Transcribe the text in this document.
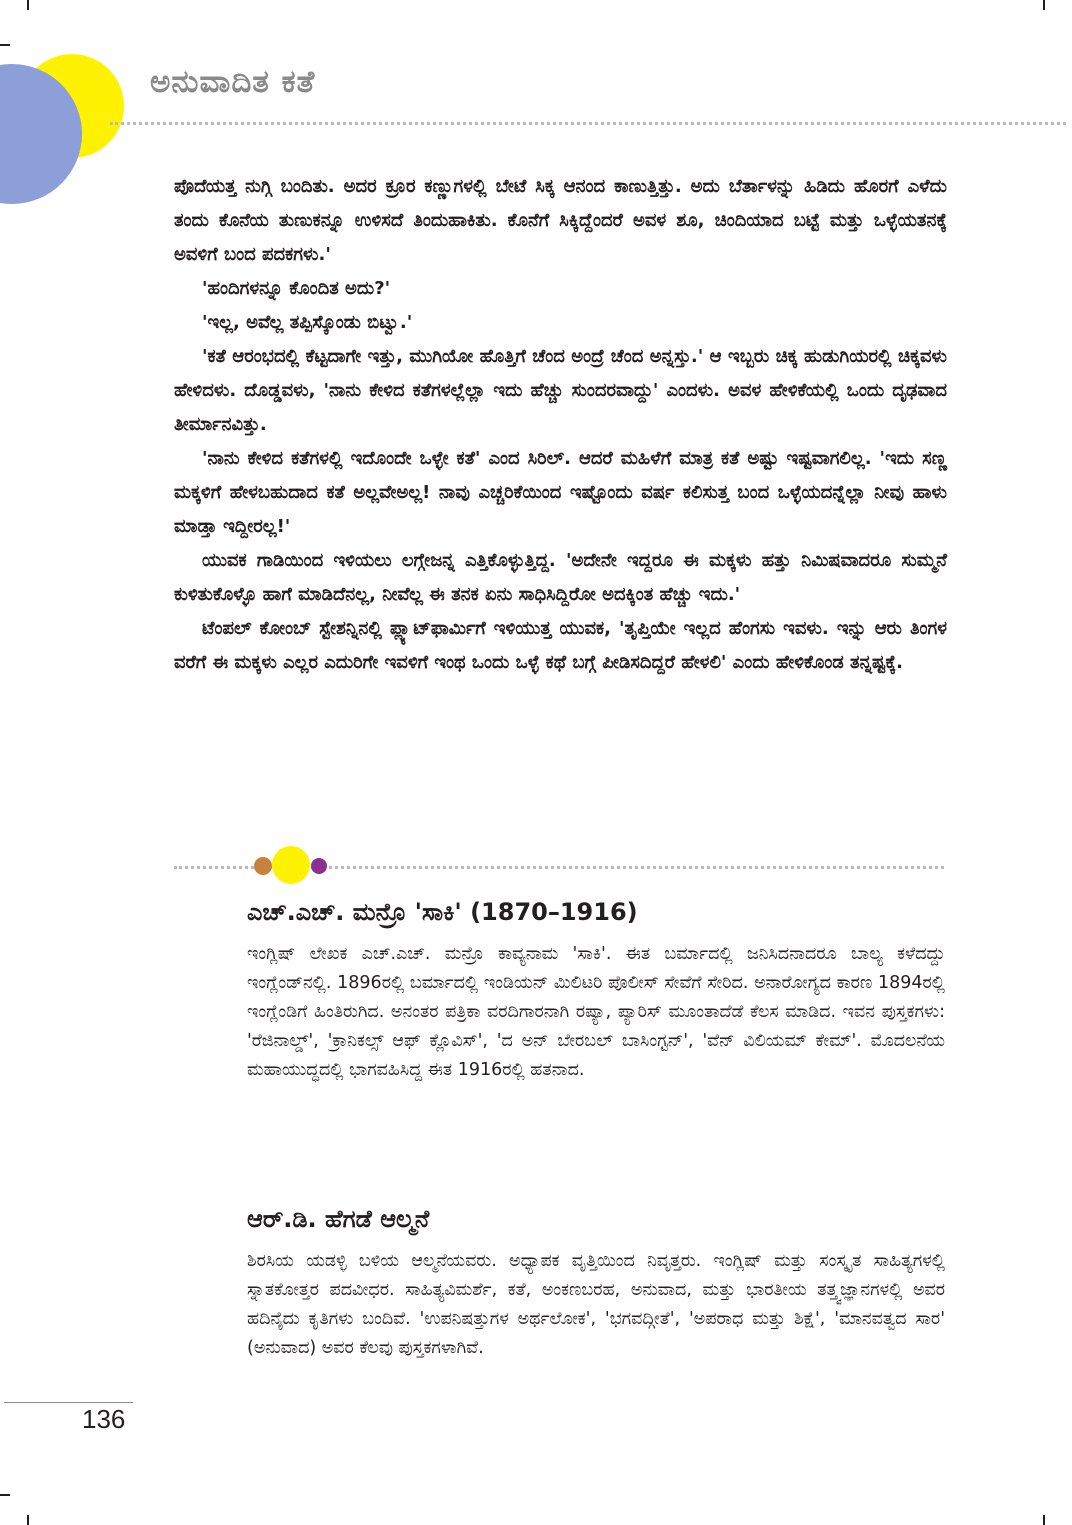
ಅನುವಾದಿತ ಕತೆ

ಪೊದೆಯತ್ತ ನುಗ್ಗಿ ಬಂದಿತು. ಅದರ ಕ್ರೂರ ಕಣ್ಣುಗಳಲ್ಲಿ ಬೇಟೆ ಸಿಕ್ಕ ಆನಂದ ಕಾಣುತ್ತಿತ್ತು. ಅದು ಬೆರ್ತಾಳನ್ನು ಹಿಡಿದು ಹೊರಗೆ ಎಳೆದು ತಂದು ಕೊನೆಯ ತುಣುಕನ್ನೂ ಉಳಿಸದೆ ತಿಂದುಹಾಕಿತು. ಕೊನೆಗೆ ಸಿಕ್ಕಿದ್ದೆಂದರೆ ಅವಳ ಶೂ, ಚಿಂದಿಯಾದ ಬಟ್ಟೆ ಮತ್ತು ಒಳ್ಳೆಯತನಕ್ಕೆ ಅವಳಿಗೆ ಬಂದ ಪದಕಗಳು.'

'ಹಂದಿಗಳನ್ನೂ ಕೊಂದಿತ ಅದು?'

'ಇಲ್ಲ, ಅವೆಲ್ಲ ತಪ್ಪಿಸ್ಕೊಂಡು ಬಿಟ್ವು.'

'ಕತೆ ಆರಂಭದಲ್ಲಿ ಕೆಟ್ಟದಾಗೇ ಇತ್ತು, ಮುಗಿಯೋ ಹೊತ್ತಿಗೆ ಚೆಂದ ಅಂದ್ರೆ ಚೆಂದ ಅನ್ನಸ್ತು.' ಆ ಇಬ್ಬರು ಚಿಕ್ಕ ಹುಡುಗಿಯರಲ್ಲಿ ಚಿಕ್ಕವಳು ಹೇಳಿದಳು. ದೊಡ್ಡವಳು, 'ನಾನು ಕೇಳಿದ ಕತೆಗಳಲ್ಲೆಲ್ಲಾ ಇದು ಹೆಚ್ಚು ಸುಂದರವಾದ್ದು' ಎಂದಳು. ಅವಳ ಹೇಳಿಕೆಯಲ್ಲಿ ಒಂದು ದೃಢವಾದ ತೀರ್ಮಾನವಿತ್ತು.

'ನಾನು ಕೇಳಿದ ಕತೆಗಳಲ್ಲಿ ಇದೊಂದೇ ಒಳ್ಳೇ ಕತೆ' ಎಂದ ಸಿರಿಲ್. ಆದರೆ ಮಹಿಳೆಗೆ ಮಾತ್ರ ಕತೆ ಅಷ್ಟು ಇಷ್ಟವಾಗಲಿಲ್ಲ. 'ಇದು ಸಣ್ಣ ಮಕ್ಕಳಿಗೆ ಹೇಳಬಹುದಾದ ಕತೆ ಅಲ್ಲವೇಅಲ್ಲ! ನಾವು ಎಚ್ಚರಿಕೆಯಿಂದ ಇಷ್ಟೊಂದು ವರ್ಷ ಕಲಿಸುತ್ತ ಬಂದ ಒಳ್ಳೆಯದನ್ನೆಲ್ಲಾ ನೀವು ಹಾಳು ಮಾಡ್ತಾ ಇದ್ದೀರಲ್ಲ!'

ಯುವಕ ಗಾಡಿಯಿಂದ ಇಳಿಯಲು ಲಗ್ಗೇಜನ್ನ ಎತ್ತಿಕೊಳ್ಳುತ್ತಿದ್ದ. 'ಅದೇನೇ ಇದ್ದರೂ ಈ ಮಕ್ಕಳು ಹತ್ತು ನಿಮಿಷವಾದರೂ ಸುಮ್ಮನೆ ಕುಳಿತುಕೊಳ್ಳೊ ಹಾಗೆ ಮಾಡಿದೆನಲ್ಲ, ನೀವೆಲ್ಲ ಈ ತನಕ ಏನು ಸಾಧಿಸಿದ್ದಿರೋ ಅದಕ್ಕಿಂತ ಹೆಚ್ಚು ಇದು.'

ಟೆಂಪಲ್ ಕೋಂಬ್ ಸ್ಟೇಶನ್ನಿನಲ್ಲಿ ಪ್ಲ್ಯಾಟ್‌ಫಾರ್ಮಿಗೆ ಇಳಿಯುತ್ತ ಯುವಕ, 'ತೃಪ್ತಿಯೇ ಇಲ್ಲದ ಹೆಂಗಸು ಇವಳು. ಇನ್ನು ಆರು ತಿಂಗಳ ವರೆಗೆ ಈ ಮಕ್ಕಳು ಎಲ್ಲರ ಎದುರಿಗೇ ಇವಳಿಗೆ ಇಂಥ ಒಂದು ಒಳ್ಳೆ ಕಥೆ ಬಗ್ಗೆ ಪೀಡಿಸದಿದ್ದರೆ ಹೇಳಲಿ' ಎಂದು ಹೇಳಿಕೊಂಡ ತನ್ನಷ್ಟಕ್ಕೆ.

ಎಚ್.ಎಚ್. ಮನ್ರೊ 'ಸಾಕಿ' (1870–1916)

ಇಂಗ್ಲಿಷ್ ಲೇಖಕ ಎಚ್.ಎಚ್. ಮನ್ರೊ ಕಾವ್ಯನಾಮ 'ಸಾಕಿ'. ಈತ ಬರ್ಮಾದಲ್ಲಿ ಜನಿಸಿದನಾದರೂ ಬಾಲ್ಯ ಕಳೆದದ್ದು ಇಂಗ್ಲೆಂಡ್‌ನಲ್ಲಿ. 1896ರಲ್ಲಿ ಬರ್ಮಾದಲ್ಲಿ ಇಂಡಿಯನ್ ಮಿಲಿಟರಿ ಪೊಲೀಸ್ ಸೇವೆಗೆ ಸೇರಿದ. ಅನಾರೋಗ್ಯದ ಕಾರಣ 1894ರಲ್ಲಿ ಇಂಗ್ಲೆಂಡಿಗೆ ಹಿಂತಿರುಗಿದ. ಅನಂತರ ಪತ್ರಿಕಾ ವರದಿಗಾರನಾಗಿ ರಷ್ಯಾ, ಪ್ಯಾರಿಸ್ ಮೂಂತಾದೆಡೆ ಕೆಲಸ ಮಾಡಿದ. ಇವನ ಪುಸ್ತಕಗಳು: 'ರೆಜಿನಾಲ್ಡ್', 'ಕ್ರಾನಿಕಲ್ಸ್ ಆಫ್ ಕ್ಲೊವಿಸ್', 'ದ ಅನ್ ಬೇರಬಲ್ ಬಾಸಿಂಗ್ಟನ್', 'ವೆನ್ ವಿಲಿಯಮ್ ಕೇಮ್'. ಮೊದಲನೆಯ ಮಹಾಯುದ್ಧದಲ್ಲಿ ಭಾಗವಹಿಸಿದ್ದ ಈತ 1916ರಲ್ಲಿ ಹತನಾದ.

ಆರ್.ಡಿ. ಹೆಗಡೆ ಆಲ್ಮನೆ

ಶಿರಸಿಯ ಯಡಳ್ಳಿ ಬಳಿಯ ಆಲ್ಮನೆಯವರು. ಅಧ್ಯಾಪಕ ವೃತ್ತಿಯಿಂದ ನಿವೃತ್ತರು. ಇಂಗ್ಲಿಷ್ ಮತ್ತು ಸಂಸ್ಕೃತ ಸಾಹಿತ್ಯಗಳಲ್ಲಿ ಸ್ನಾತಕೋತ್ತರ ಪದವೀಧರ. ಸಾಹಿತ್ಯವಿಮರ್ಶೆ, ಕತೆ, ಅಂಕಣಬರಹ, ಅನುವಾದ, ಮತ್ತು ಭಾರತೀಯ ತತ್ತ್ವಜ್ಞಾನಗಳಲ್ಲಿ ಅವರ ಹದಿನೈದು ಕೃತಿಗಳು ಬಂದಿವೆ. 'ಉಪನಿಷತ್ತುಗಳ ಅರ್ಥಲೋಕ', 'ಭಗವದ್ಗೀತೆ', 'ಅಪರಾಧ ಮತ್ತು ಶಿಕ್ಷೆ', 'ಮಾನವತ್ವದ ಸಾರ' (ಅನುವಾದ) ಅವರ ಕೆಲವು ಪುಸ್ತಕಗಳಾಗಿವೆ.

136
